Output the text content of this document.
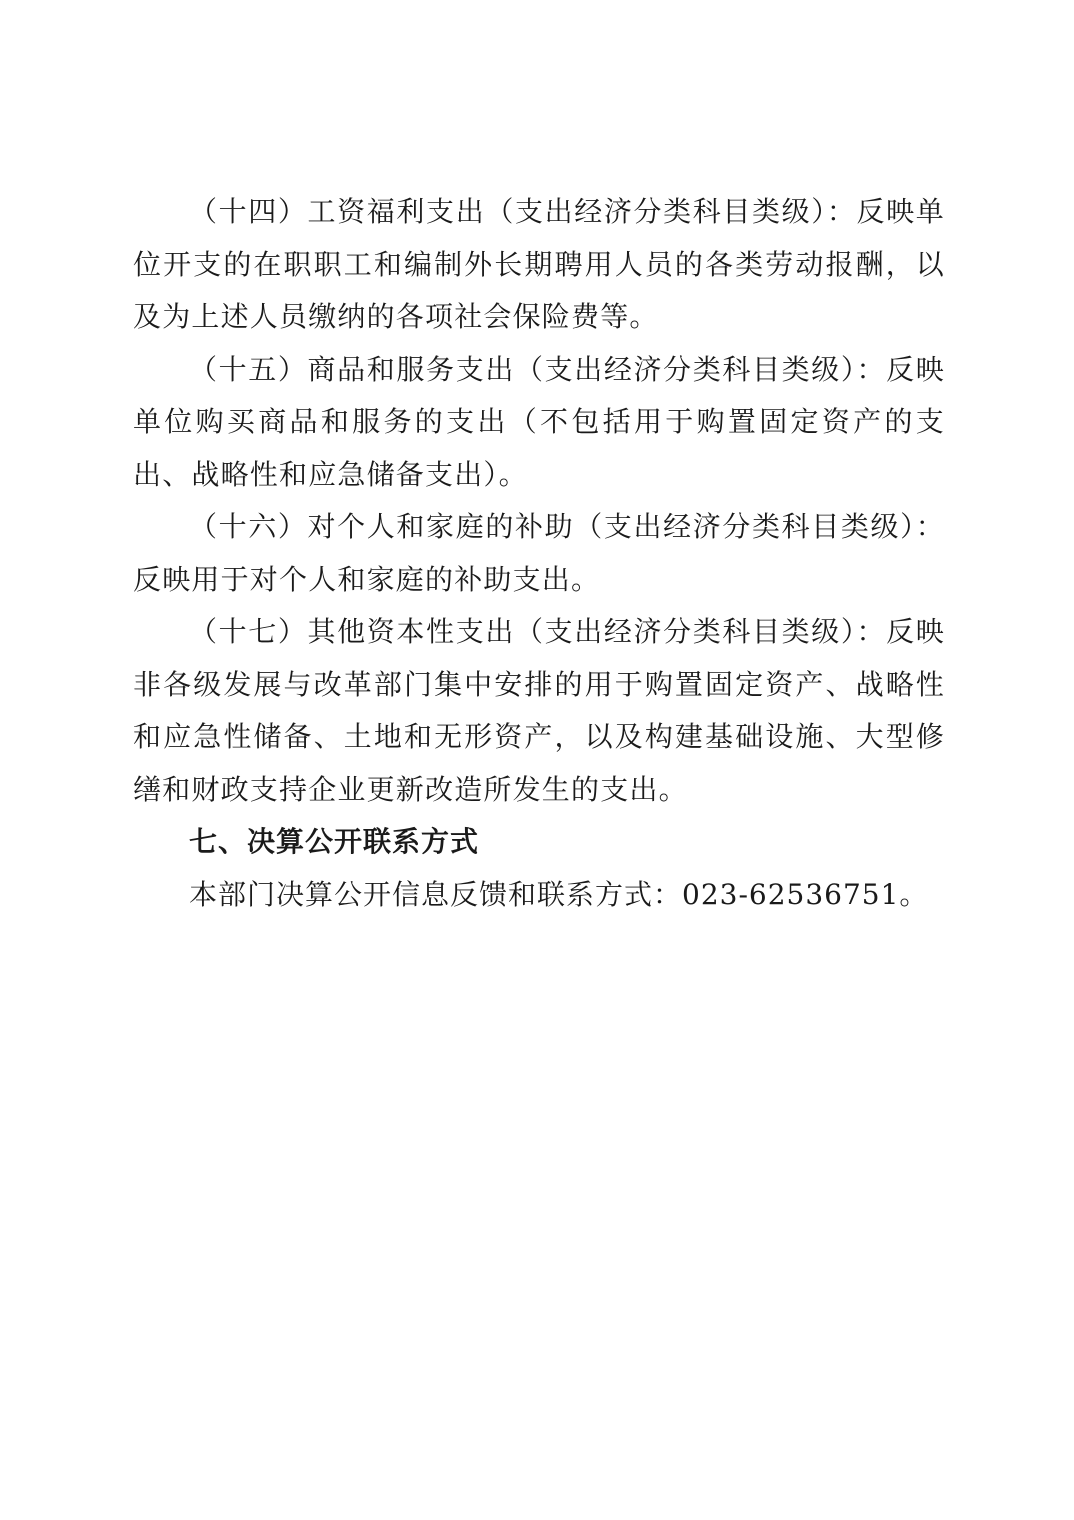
（十四）工资福利支出（支出经济分类科目类级）：反映单位开支的在职职工和编制外长期聘用人员的各类劳动报酬，以及为上述人员缴纳的各项社会保险费等。

（十五）商品和服务支出（支出经济分类科目类级）：反映单位购买商品和服务的支出（不包括用于购置固定资产的支出、战略性和应急储备支出）。

（十六）对个人和家庭的补助（支出经济分类科目类级）：反映用于对个人和家庭的补助支出。

（十七）其他资本性支出（支出经济分类科目类级）：反映非各级发展与改革部门集中安排的用于购置固定资产、战略性和应急性储备、土地和无形资产，以及构建基础设施、大型修缮和财政支持企业更新改造所发生的支出。

七、决算公开联系方式

本部门决算公开信息反馈和联系方式：023-62536751。
